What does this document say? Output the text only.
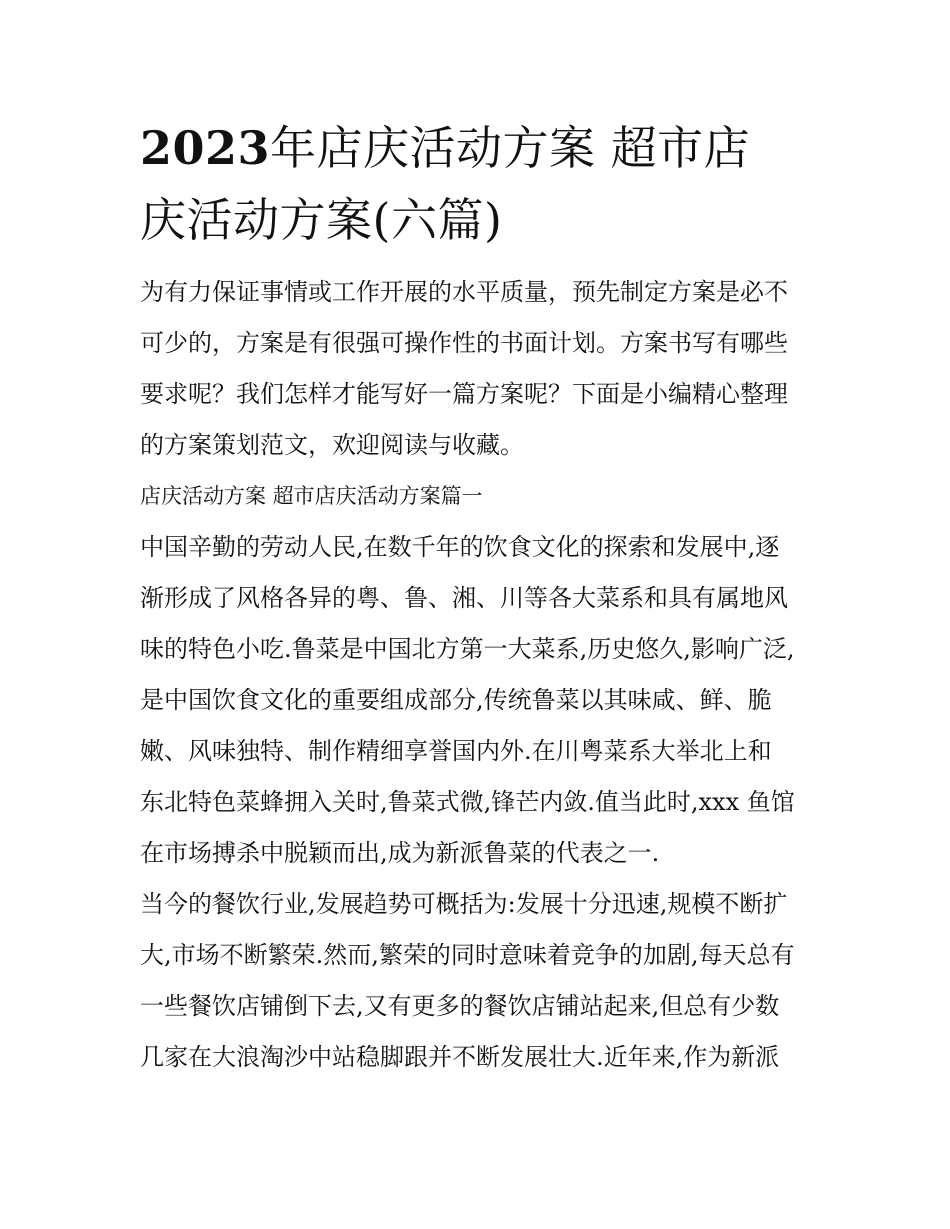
2023年店庆活动方案 超市店
庆活动方案(六篇)
为有力保证事情或工作开展的水平质量，预先制定方案是必不
可少的，方案是有很强可操作性的书面计划。方案书写有哪些
要求呢？我们怎样才能写好一篇方案呢？下面是小编精心整理
的方案策划范文，欢迎阅读与收藏。
店庆活动方案 超市店庆活动方案篇一
中国辛勤的劳动人民,在数千年的饮食文化的探索和发展中,逐
渐形成了风格各异的粤、鲁、湘、川等各大菜系和具有属地风
味的特色小吃.鲁菜是中国北方第一大菜系,历史悠久,影响广泛,
是中国饮食文化的重要组成部分,传统鲁菜以其味咸、鲜、脆
嫩、风味独特、制作精细享誉国内外.在川粤菜系大举北上和
东北特色菜蜂拥入关时,鲁菜式微,锋芒内敛.值当此时,xxx 鱼馆
在市场搏杀中脱颖而出,成为新派鲁菜的代表之一.
当今的餐饮行业,发展趋势可概括为:发展十分迅速,规模不断扩
大,市场不断繁荣.然而,繁荣的同时意味着竞争的加剧,每天总有
一些餐饮店铺倒下去,又有更多的餐饮店铺站起来,但总有少数
几家在大浪淘沙中站稳脚跟并不断发展壮大.近年来,作为新派
